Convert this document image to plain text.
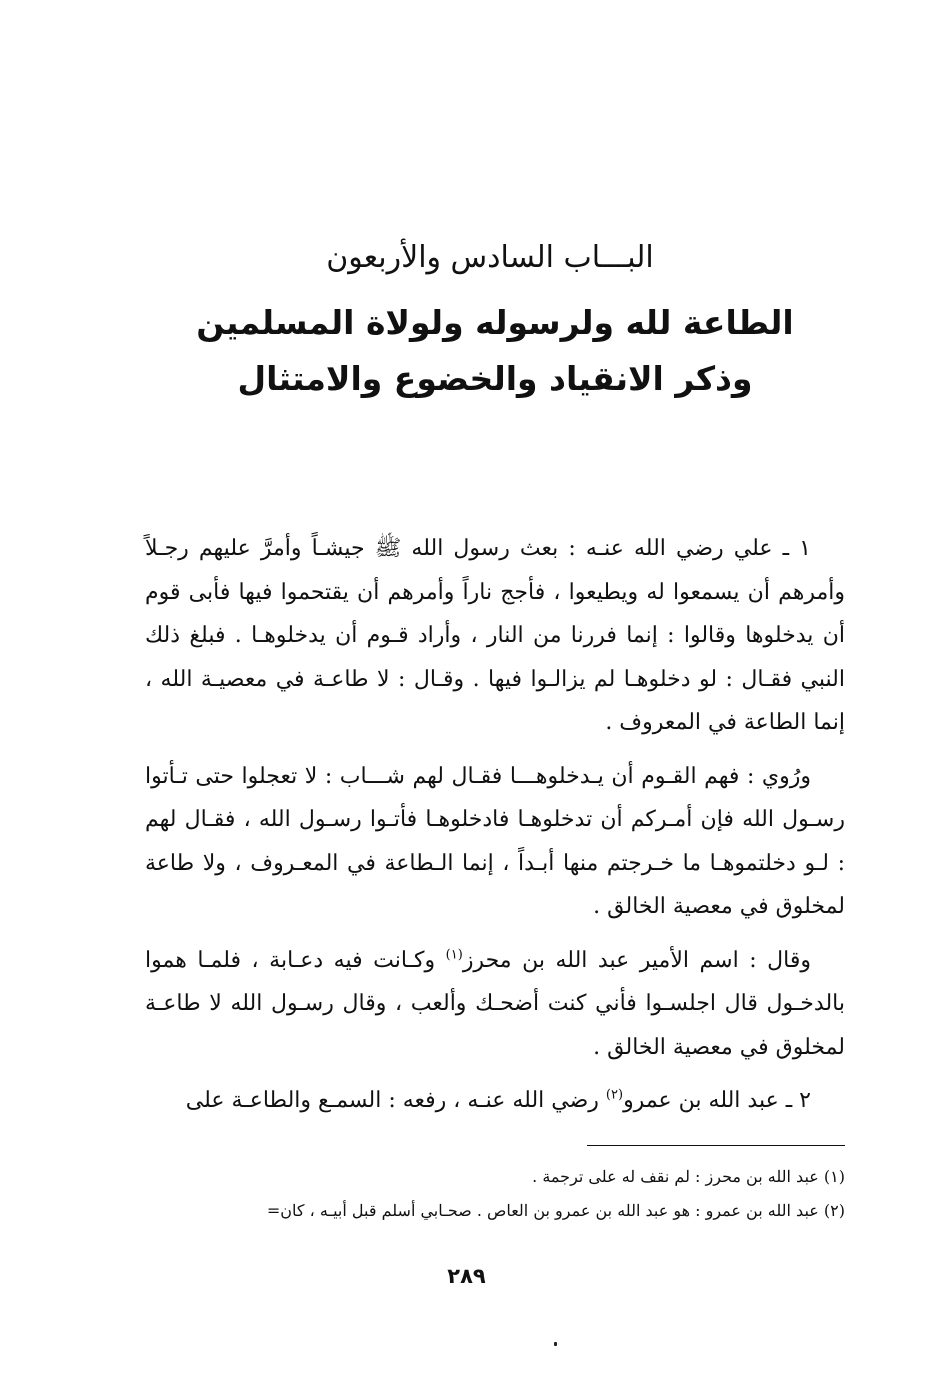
البـــاب السادس والأربعون
الطاعة لله ولرسوله ولولاة المسلمين
وذكر الانقياد والخضوع والامتثال

١ ـ علي رضي الله عنـه : بعث رسول الله ﷺ جيشـاً وأمرَّ عليهم رجـلاً وأمرهم أن يسمعوا له ويطيعوا ، فأجج ناراً وأمرهم أن يقتحموا فيها فأبى قوم أن يدخلوها وقالوا : إنما فررنا من النار ، وأراد قـوم أن يدخلوهـا . فبلغ ذلك النبي فقـال : لو دخلوهـا لم يزالـوا فيها . وقـال : لا طاعـة في معصيـة الله ، إنما الطاعة في المعروف .

ورُوي : فهم القـوم أن يـدخلوهـــا فقـال لهم شـــاب : لا تعجلوا حتى تـأتوا رسـول الله فإن أمـركم أن تدخلوهـا فادخلوهـا فأتـوا رسـول الله ، فقـال لهم : لـو دخلتموهـا ما خـرجتم منها أبـداً ، إنما الـطاعة في المعـروف ، ولا طاعة لمخلوق في معصية الخالق .

وقال : اسم الأمير عبد الله بن محرز$^{(١)}$ وكـانت فيه دعـابة ، فلمـا هموا بالدخـول قال اجلسـوا فأني كنت أضحـك وألعب ، وقال رسـول الله لا طاعـة لمخلوق في معصية الخالق .

٢ ـ عبد الله بن عمرو$^{(٢)}$ رضي الله عنـه ، رفعه : السمـع والطاعـة على

(١) عبد الله بن محرز : لم نقف له على ترجمة .

(٢) عبد الله بن عمرو : هو عبد الله بن عمرو بن العاص . صحـابي أسلم قبل أبيـه ، كان=

٢٨٩
